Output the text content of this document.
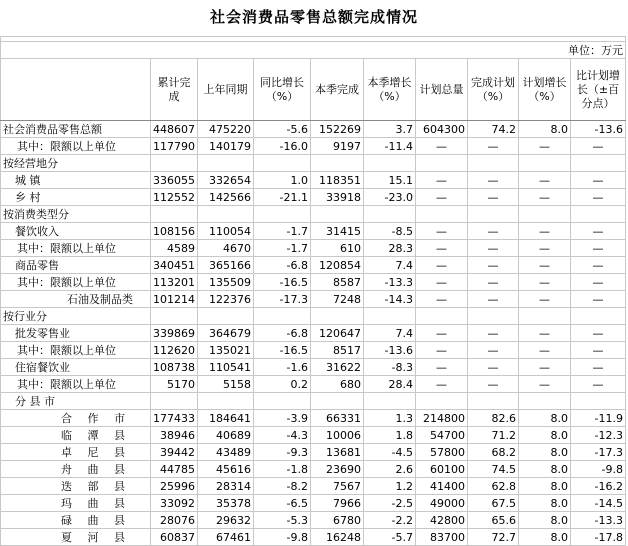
社会消费品零售总额完成情况

单位：万元									
	累计完成	上年同期	同比增长（%）	本季完成	本季增长（%）	计划总量	完成计划（%）	计划增长（%）	比计划增长（±百分点）
社会消费品零售总额	448607	475220	-5.6	152269	3.7	604300	74.2	8.0	-13.6
其中：限额以上单位	117790	140179	-16.0	9197	-11.4	—	—	—	—
按经营地分									
城 镇	336055	332654	1.0	118351	15.1	—	—	—	—
乡 村	112552	142566	-21.1	33918	-23.0	—	—	—	—
按消费类型分									
餐饮收入	108156	110054	-1.7	31415	-8.5	—	—	—	—
其中：限额以上单位	4589	4670	-1.7	610	28.3	—	—	—	—
商品零售	340451	365166	-6.8	120854	7.4	—	—	—	—
其中：限额以上单位	113201	135509	-16.5	8587	-13.3	—	—	—	—
石油及制品类	101214	122376	-17.3	7248	-14.3	—	—	—	—
按行业分									
批发零售业	339869	364679	-6.8	120647	7.4	—	—	—	—
其中：限额以上单位	112620	135021	-16.5	8517	-13.6	—	—	—	—
住宿餐饮业	108738	110541	-1.6	31622	-8.3	—	—	—	—
其中：限额以上单位	5170	5158	0.2	680	28.4	—	—	—	—
分 县 市									
合 作 市	177433	184641	-3.9	66331	1.3	214800	82.6	8.0	-11.9
临 潭 县	38946	40689	-4.3	10006	1.8	54700	71.2	8.0	-12.3
卓 尼 县	39442	43489	-9.3	13681	-4.5	57800	68.2	8.0	-17.3
舟 曲 县	44785	45616	-1.8	23690	2.6	60100	74.5	8.0	-9.8
迭 部 县	25996	28314	-8.2	7567	1.2	41400	62.8	8.0	-16.2
玛 曲 县	33092	35378	-6.5	7966	-2.5	49000	67.5	8.0	-14.5
碌 曲 县	28076	29632	-5.3	6780	-2.2	42800	65.6	8.0	-13.3
夏 河 县	60837	67461	-9.8	16248	-5.7	83700	72.7	8.0	-17.8
